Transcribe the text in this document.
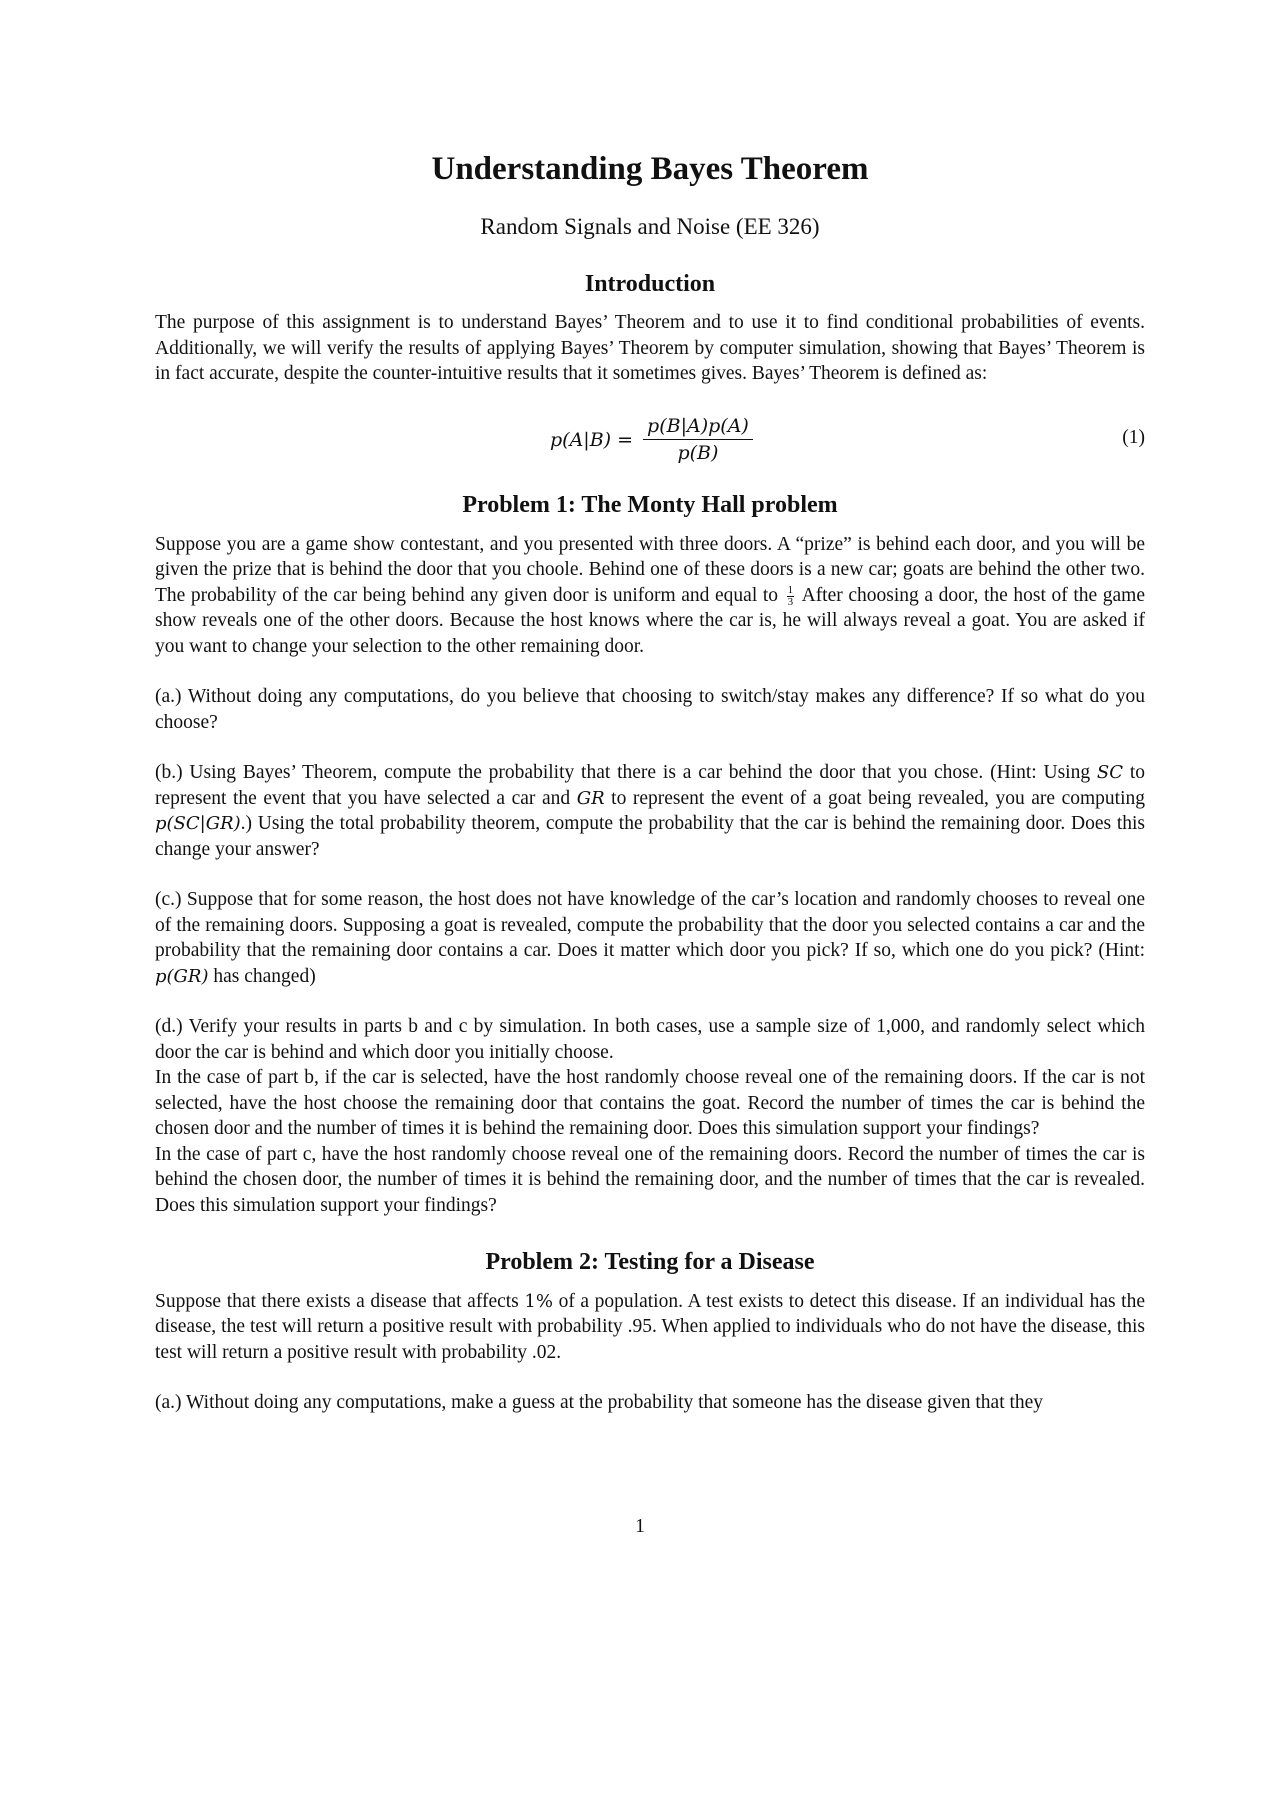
Understanding Bayes Theorem
Random Signals and Noise (EE 326)
Introduction

The purpose of this assignment is to understand Bayes’ Theorem and to use it to find conditional probabilities of events. Additionally, we will verify the results of applying Bayes’ Theorem by computer simulation, showing that Bayes’ Theorem is in fact accurate, despite the counter-intuitive results that it sometimes gives. Bayes’ Theorem is defined as:

$p(A|B) = \frac{p(B|A)p(A)}{p(B)}$	(1)
Problem 1: The Monty Hall problem

Suppose you are a game show contestant, and you presented with three doors. A “prize” is behind each door, and you will be given the prize that is behind the door that you choole. Behind one of these doors is a new car; goats are behind the other two. The probability of the car being behind any given door is uniform and equal to $\frac{1}{3}$ After choosing a door, the host of the game show reveals one of the other doors. Because the host knows where the car is, he will always reveal a goat. You are asked if you want to change your selection to the other remaining door.

(a.) Without doing any computations, do you believe that choosing to switch/stay makes any difference? If so what do you choose?

(b.) Using Bayes’ Theorem, compute the probability that there is a car behind the door that you chose. (Hint: Using SC to represent the event that you have selected a car and GR to represent the event of a goat being revealed, you are computing p(SC|GR).) Using the total probability theorem, compute the probability that the car is behind the remaining door. Does this change your answer?

(c.) Suppose that for some reason, the host does not have knowledge of the car’s location and randomly chooses to reveal one of the remaining doors. Supposing a goat is revealed, compute the probability that the door you selected contains a car and the probability that the remaining door contains a car. Does it matter which door you pick? If so, which one do you pick? (Hint: p(GR) has changed)

(d.) Verify your results in parts b and c by simulation. In both cases, use a sample size of 1,000, and randomly select which door the car is behind and which door you initially choose.

In the case of part b, if the car is selected, have the host randomly choose reveal one of the remaining doors. If the car is not selected, have the host choose the remaining door that contains the goat. Record the number of times the car is behind the chosen door and the number of times it is behind the remaining door. Does this simulation support your findings?

In the case of part c, have the host randomly choose reveal one of the remaining doors. Record the number of times the car is behind the chosen door, the number of times it is behind the remaining door, and the number of times that the car is revealed. Does this simulation support your findings?

Problem 2: Testing for a Disease

Suppose that there exists a disease that affects 1% of a population. A test exists to detect this disease. If an individual has the disease, the test will return a positive result with probability .95. When applied to individuals who do not have the disease, this test will return a positive result with probability .02.

(a.) Without doing any computations, make a guess at the probability that someone has the disease given that they

1
